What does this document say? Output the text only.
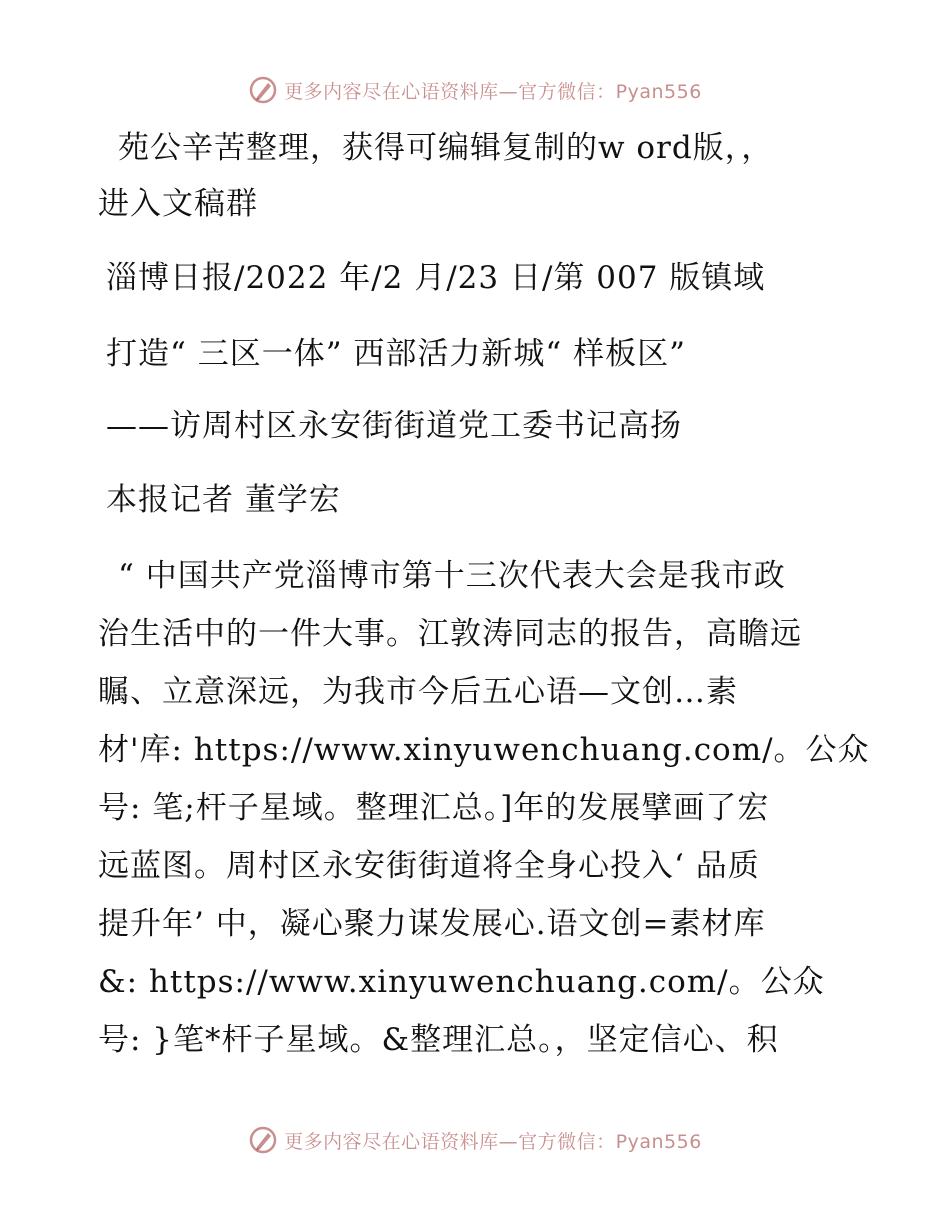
更多内容尽在心语资料库—官方微信：Pyan556
苑公辛苦整理，获得可编辑复制的w ord版，，
进入文稿群
淄博日报/2022 年/2 月/23 日/第 007 版镇域
打造“ 三区一体” 西部活力新城“ 样板区”
——访周村区永安街街道党工委书记高扬
本报记者 董学宏
“ 中国共产党淄博市第十三次代表大会是我市政
治生活中的一件大事。江敦涛同志的报告，高瞻远
瞩、立意深远，为我市今后五心语—文创…素
材'库: https://www.xinyuwenchuang.com/。公众
号: 笔;杆子星域。整理汇总。]年的发展擘画了宏
远蓝图。周村区永安街街道将全身心投入‘ 品质
提升年’ 中，凝心聚力谋发展心.语文创=素材库
&: https://www.xinyuwenchuang.com/。公众
号: }笔*杆子星域。&整理汇总。，坚定信心、积
更多内容尽在心语资料库—官方微信：Pyan556
